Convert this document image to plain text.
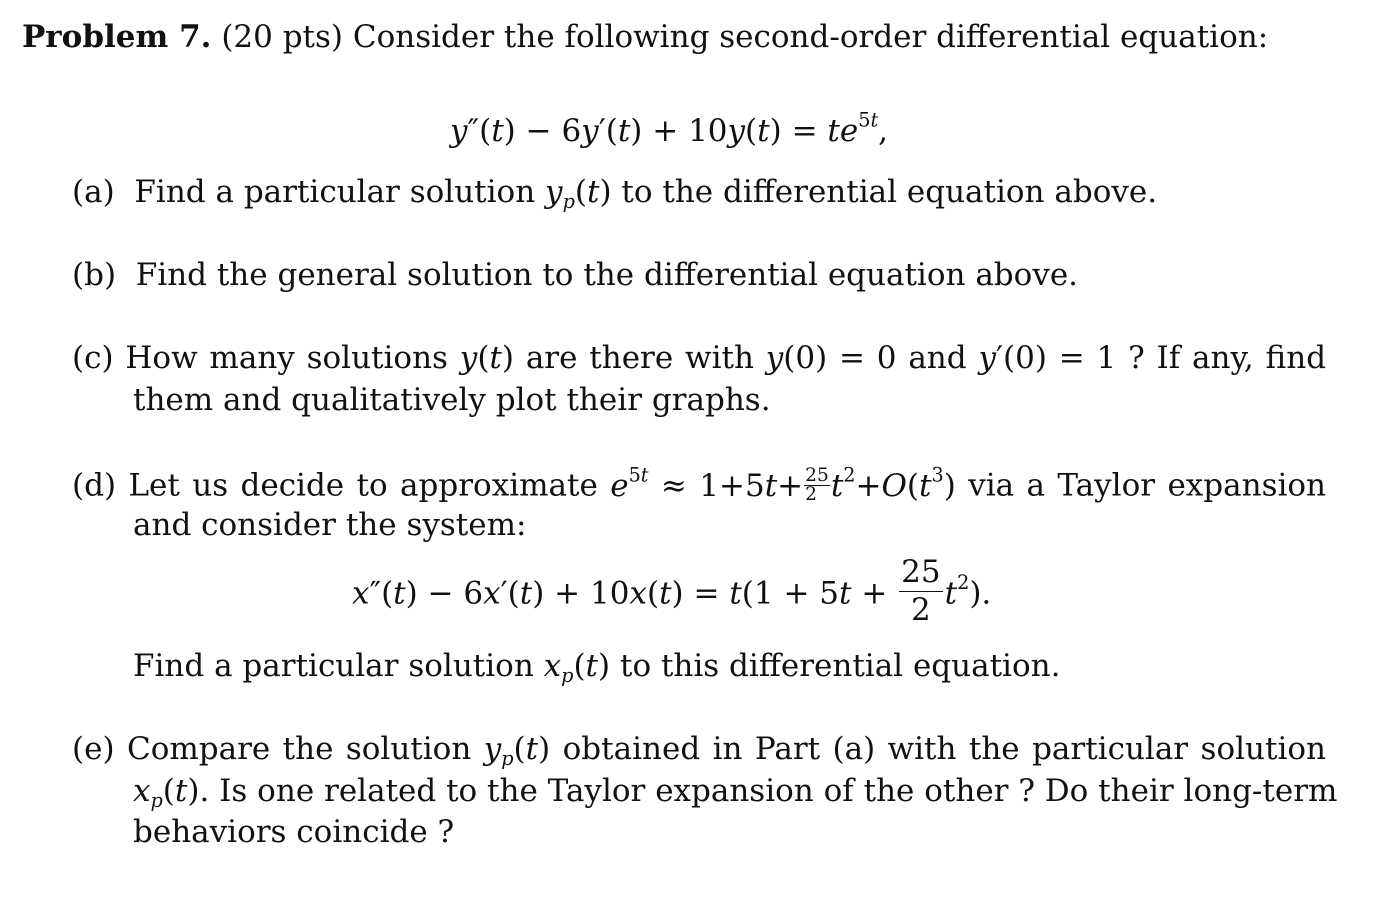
Problem 7. (20 pts) Consider the following second-order differential equation:
$y''(t) - 6y'(t) + 10y(t) = te^{5t}$,
(a) Find a particular solution $y_p(t)$ to the differential equation above.
(b) Find the general solution to the differential equation above.
(c) How many solutions y(t) are there with y(0) = 0 and y′(0) = 1 ? If any, find
them and qualitatively plot their graphs.
(d) Let us decide to approximate $e^{5t} \approx 1+5t+ \frac{25}{2} t^2+O(t^3)$ via a Taylor expansion
and consider the system:
$x''(t) - 6x'(t) + 10x(t) = t(1 + 5t + \frac{25}{2} t^2)$.
Find a particular solution $x_p(t)$ to this differential equation.
(e) Compare the solution $y_p(t)$ obtained in Part (a) with the particular solution
$x_p(t)$. Is one related to the Taylor expansion of the other ? Do their long-term
behaviors coincide ?
